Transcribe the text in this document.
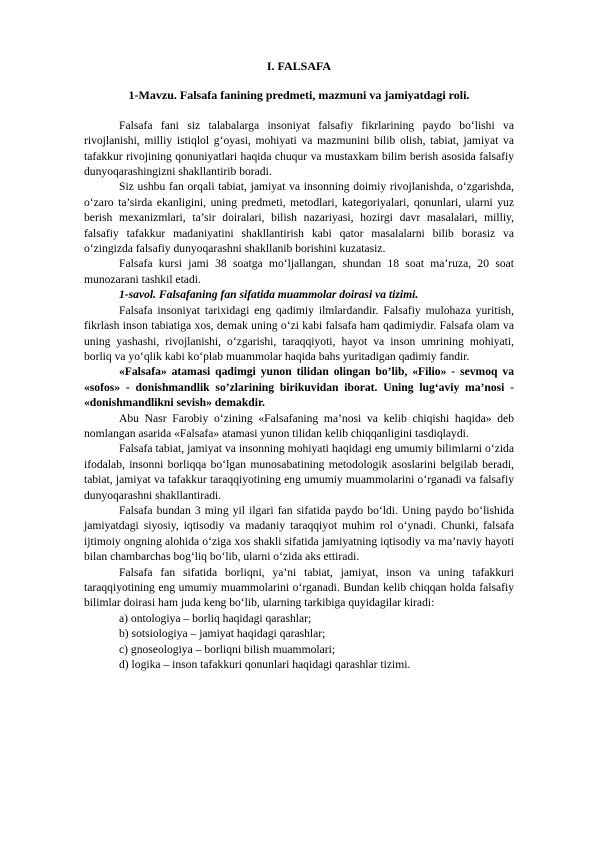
I. FALSAFA
1-Mavzu. Falsafa fanining predmeti, mazmuni va jamiyatdagi roli.

Falsafa fani siz talabalarga insoniyat falsafiy fikrlarining paydo bo‘lishi va rivojlanishi, milliy istiqlol g‘oyasi, mohiyati va mazmunini bilib olish, tabiat, jamiyat va tafakkur rivojining qonuniyatlari haqida chuqur va mustaxkam bilim berish asosida falsafiy dunyoqarashingizni shakllantirib boradi.

Siz ushbu fan orqali tabiat, jamiyat va insonning doimiy rivojlanishda, o‘zgarishda, o‘zaro ta’sirda ekanligini, uning predmeti, metodlari, kategoriyalari, qonunlari, ularni yuz berish mexanizmlari, ta’sir doiralari, bilish nazariyasi, hozirgi davr masalalari, milliy, falsafiy tafakkur madaniyatini shakllantirish kabi qator masalalarni bilib borasiz va o‘zingizda falsafiy dunyoqarashni shakllanib borishini kuzatasiz.

Falsafa kursi jami 38 soatga mo‘ljallangan, shundan 18 soat ma’ruza, 20 soat munozarani tashkil etadi.

1-savol. Falsafaning fan sifatida muammolar doirasi va tizimi.

Falsafa insoniyat tarixidagi eng qadimiy ilmlardandir. Falsafiy mulohaza yuritish, fikrlash inson tabiatiga xos, demak uning o‘zi kabi falsafa ham qadimiydir. Falsafa olam va uning yashashi, rivojlanishi, o‘zgarishi, taraqqiyoti, hayot va inson umrining mohiyati, borliq va yo‘qlik kabi ko‘plab muammolar haqida bahs yuritadigan qadimiy fandir.

«Falsafa» atamasi qadimgi yunon tilidan olingan bo’lib, «Filio» - sevmoq va «sofos» - donishmandlik so’zlarining birikuvidan iborat. Uning lug‘aviy ma’nosi - «donishmandlikni sevish» demakdir.

Abu Nasr Farobiy o‘zining «Falsafaning ma’nosi va kelib chiqishi haqida» deb nomlangan asarida «Falsafa» atamasi yunon tilidan kelib chiqqanligini tasdiqlaydi.

Falsafa tabiat, jamiyat va insonning mohiyati haqidagi eng umumiy bilimlarni o‘zida ifodalab, insonni borliqqa bo‘lgan munosabatining metodologik asoslarini belgilab beradi, tabiat, jamiyat va tafakkur taraqqiyotining eng umumiy muammolarini o‘rganadi va falsafiy dunyoqarashni shakllantiradi.

Falsafa bundan 3 ming yil ilgari fan sifatida paydo bo‘ldi. Uning paydo bo‘lishida jamiyatdagi siyosiy, iqtisodiy va madaniy taraqqiyot muhim rol o‘ynadi. Chunki, falsafa ijtimoiy ongning alohida o‘ziga xos shakli sifatida jamiyatning iqtisodiy va ma’naviy hayoti bilan chambarchas bog‘liq bo‘lib, ularni o‘zida aks ettiradi.

Falsafa fan sifatida borliqni, ya’ni tabiat, jamiyat, inson va uning tafakkuri taraqqiyotining eng umumiy muammolarini o‘rganadi. Bundan kelib chiqqan holda falsafiy bilimlar doirasi ham juda keng bo‘lib, ularning tarkibiga quyidagilar kiradi:

a) ontologiya – borliq haqidagi qarashlar;

b) sotsiologiya – jamiyat haqidagi qarashlar;

c) gnoseologiya – borliqni bilish muammolari;

d) logika – inson tafakkuri qonunlari haqidagi qarashlar tizimi.
